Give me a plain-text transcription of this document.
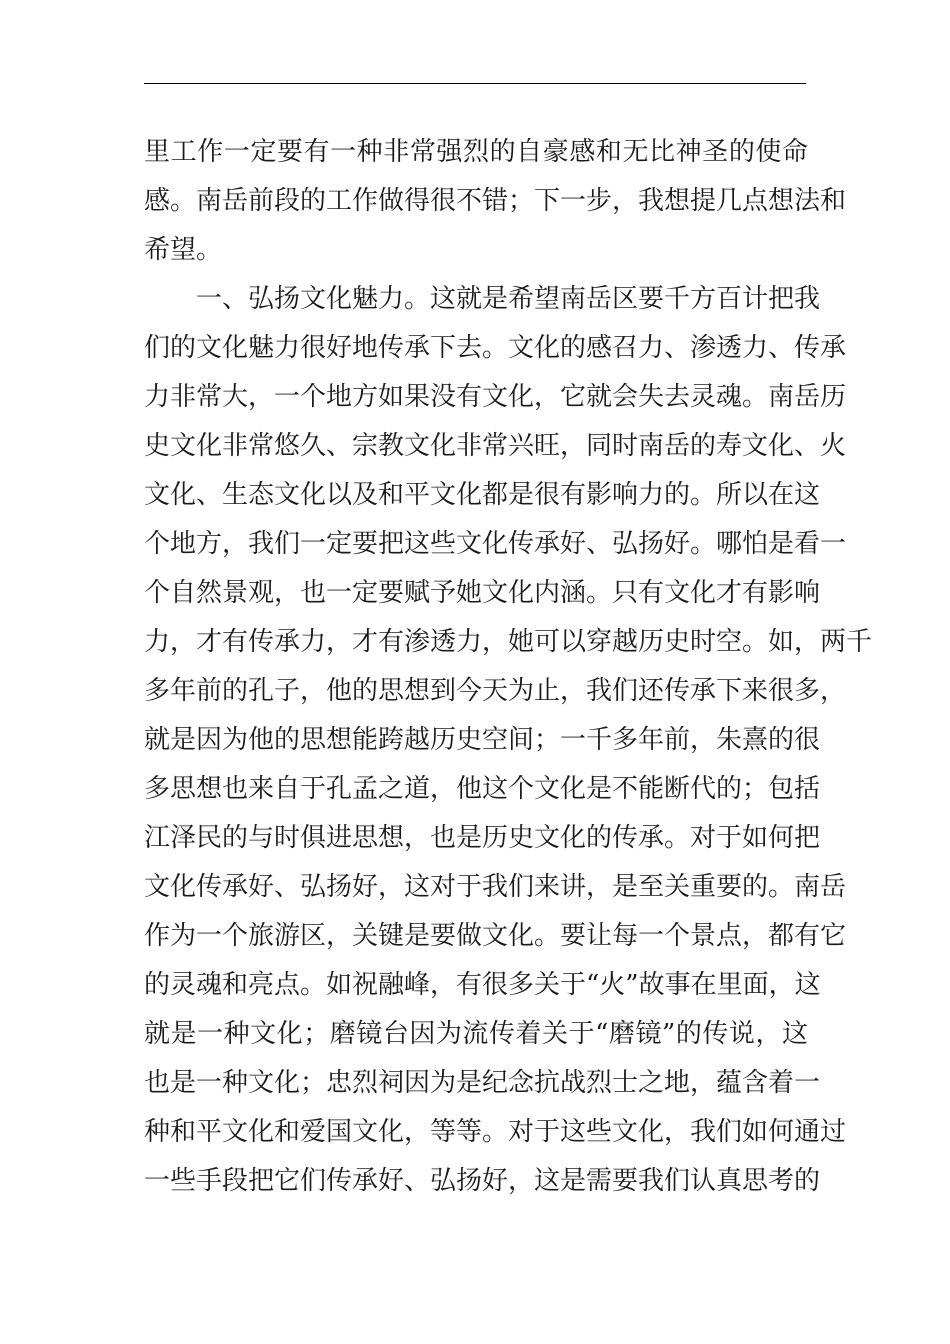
里工作一定要有一种非常强烈的自豪感和无比神圣的使命
感。南岳前段的工作做得很不错；下一步，我想提几点想法和
希望。
一、弘扬文化魅力。这就是希望南岳区要千方百计把我
们的文化魅力很好地传承下去。文化的感召力、渗透力、传承
力非常大，一个地方如果没有文化，它就会失去灵魂。南岳历
史文化非常悠久、宗教文化非常兴旺，同时南岳的寿文化、火
文化、生态文化以及和平文化都是很有影响力的。所以在这
个地方，我们一定要把这些文化传承好、弘扬好。哪怕是看一
个自然景观，也一定要赋予她文化内涵。只有文化才有影响
力，才有传承力，才有渗透力，她可以穿越历史时空。如，两千
多年前的孔子，他的思想到今天为止，我们还传承下来很多，
就是因为他的思想能跨越历史空间；一千多年前，朱熹的很
多思想也来自于孔孟之道，他这个文化是不能断代的；包括
江泽民的与时俱进思想，也是历史文化的传承。对于如何把
文化传承好、弘扬好，这对于我们来讲，是至关重要的。南岳
作为一个旅游区，关键是要做文化。要让每一个景点，都有它
的灵魂和亮点。如祝融峰，有很多关于“火”故事在里面，这
就是一种文化；磨镜台因为流传着关于“磨镜”的传说，这
也是一种文化；忠烈祠因为是纪念抗战烈士之地，蕴含着一
种和平文化和爱国文化，等等。对于这些文化，我们如何通过
一些手段把它们传承好、弘扬好，这是需要我们认真思考的
